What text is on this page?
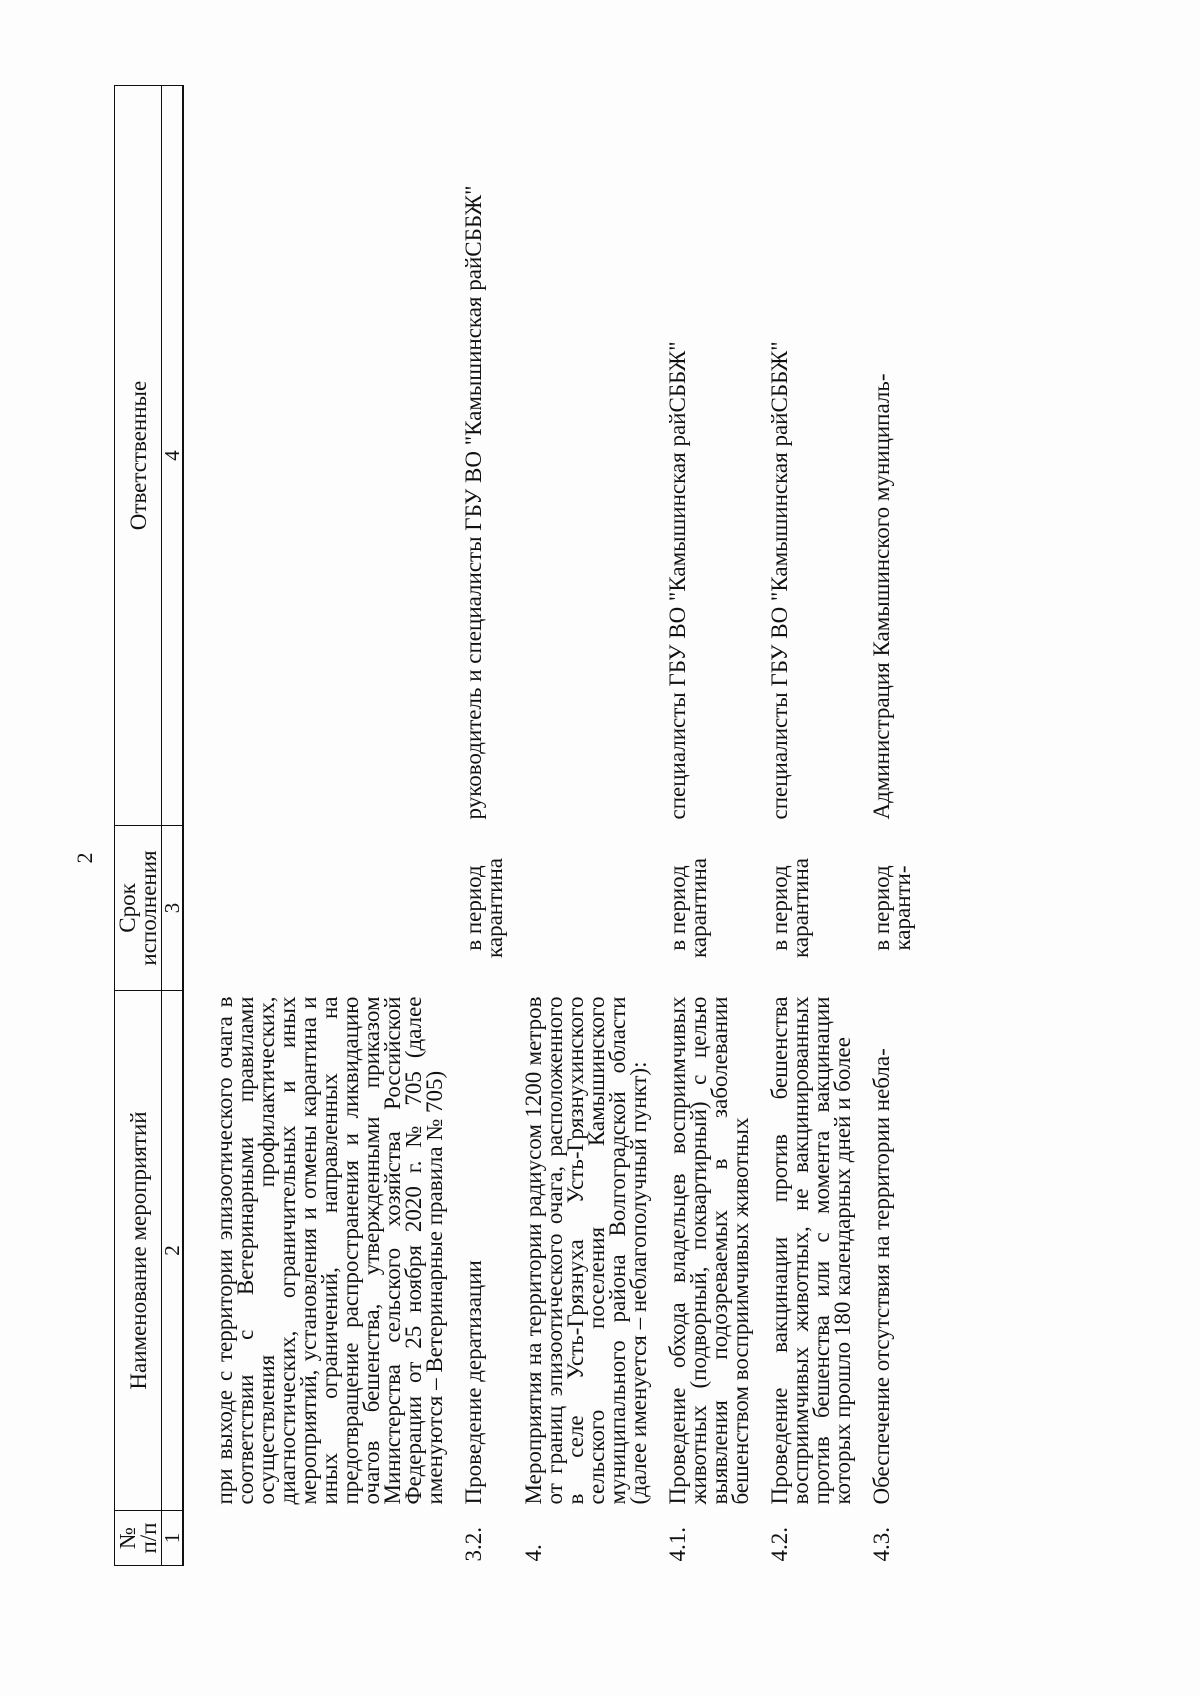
2
№ п/п	Наименование мероприятий	Срок исполнения	Ответственные
1	2	3	4
	при выходе с территории эпизоотического очага в соответствии с Ветеринарными правилами осуществления профилактических, диагностических, ограничительных и иных мероприятий, установления и отмены карантина и иных ограничений, направленных на предотвращение распространения и ликвидацию очагов бешенства, утвержденными приказом Министерства сельского хозяйства Российской Федерации от 25 ноября 2020 г. № 705 (далее именуются – Ветеринарные правила № 705)		
3.2.	Проведение дератизации	в период карантина	руководитель и специалисты ГБУ ВО "Камышинская райСББЖ"
4.	Мероприятия на территории радиусом 1200 метров от границ эпизоотического очага, расположенного в селе Усть-Грязнуха Усть-Грязнухинского сельского поселения Камышинского муниципального района Волгоградской области (далее именуется – неблагополучный пункт):		
4.1.	Проведение обхода владельцев восприимчивых животных (подворный, поквартирный) с целью выявления подозреваемых в заболевании бешенством восприимчивых животных	в период карантина	специалисты ГБУ ВО "Камышинская райСББЖ"
4.2.	Проведение вакцинации против бешенства восприимчивых животных, не вакцинированных против бешенства или с момента вакцинации которых прошло 180 календарных дней и более	в период карантина	специалисты ГБУ ВО "Камышинская райСББЖ"
4.3.	Обеспечение отсутствия на территории небла-	в период каранти-	Администрация Камышинского муниципаль-
